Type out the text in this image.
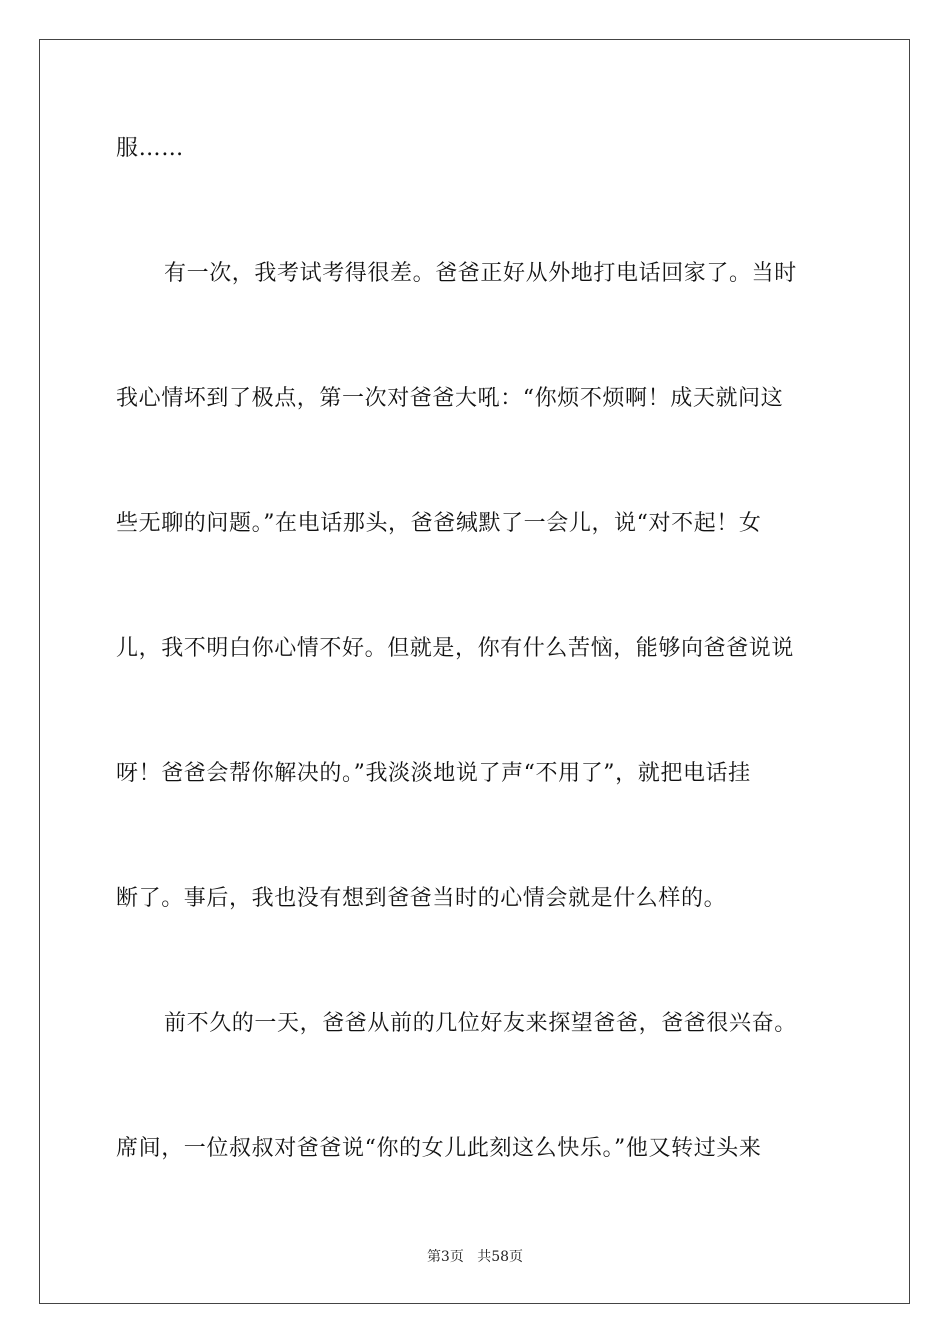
服……
有一次，我考试考得很差。爸爸正好从外地打电话回家了。当时
我心情坏到了极点，第一次对爸爸大吼：“你烦不烦啊！成天就问这
些无聊的问题。”在电话那头，爸爸缄默了一会儿，说“对不起！女
儿，我不明白你心情不好。但就是，你有什么苦恼，能够向爸爸说说
呀！爸爸会帮你解决的。”我淡淡地说了声“不用了”，就把电话挂
断了。事后，我也没有想到爸爸当时的心情会就是什么样的。
前不久的一天，爸爸从前的几位好友来探望爸爸，爸爸很兴奋。
席间，一位叔叔对爸爸说“你的女儿此刻这么快乐。”他又转过头来
第3页 共58页
